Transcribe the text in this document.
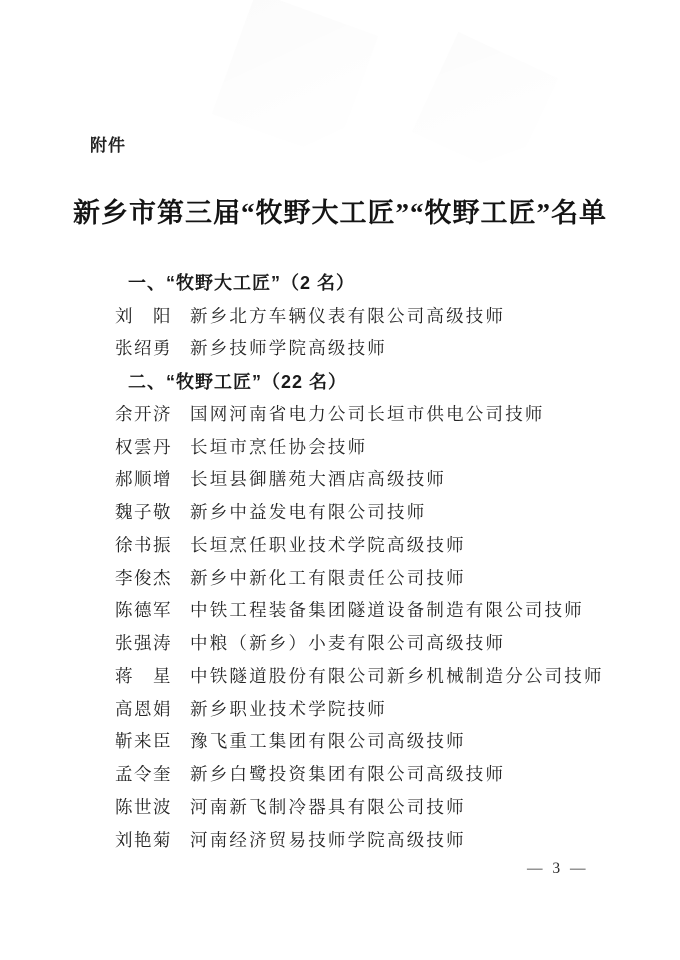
附件
新乡市第三届“牧野大工匠”“牧野工匠”名单
一、“牧野大工匠”（2 名）
刘　阳 新乡北方车辆仪表有限公司高级技师
张绍勇 新乡技师学院高级技师
二、“牧野工匠”（22 名）
余开济 国网河南省电力公司长垣市供电公司技师
权雲丹 长垣市烹任协会技师
郝顺增 长垣县御膳苑大酒店高级技师
魏子敬 新乡中益发电有限公司技师
徐书振 长垣烹任职业技术学院高级技师
李俊杰 新乡中新化工有限责任公司技师
陈德军 中铁工程装备集团隧道设备制造有限公司技师
张强涛 中粮（新乡）小麦有限公司高级技师
蒋　星 中铁隧道股份有限公司新乡机械制造分公司技师
高恩娟 新乡职业技术学院技师
靳来臣 豫飞重工集团有限公司高级技师
孟令奎 新乡白鹭投资集团有限公司高级技师
陈世波 河南新飞制冷器具有限公司技师
刘艳菊 河南经济贸易技师学院高级技师
— 3 —
